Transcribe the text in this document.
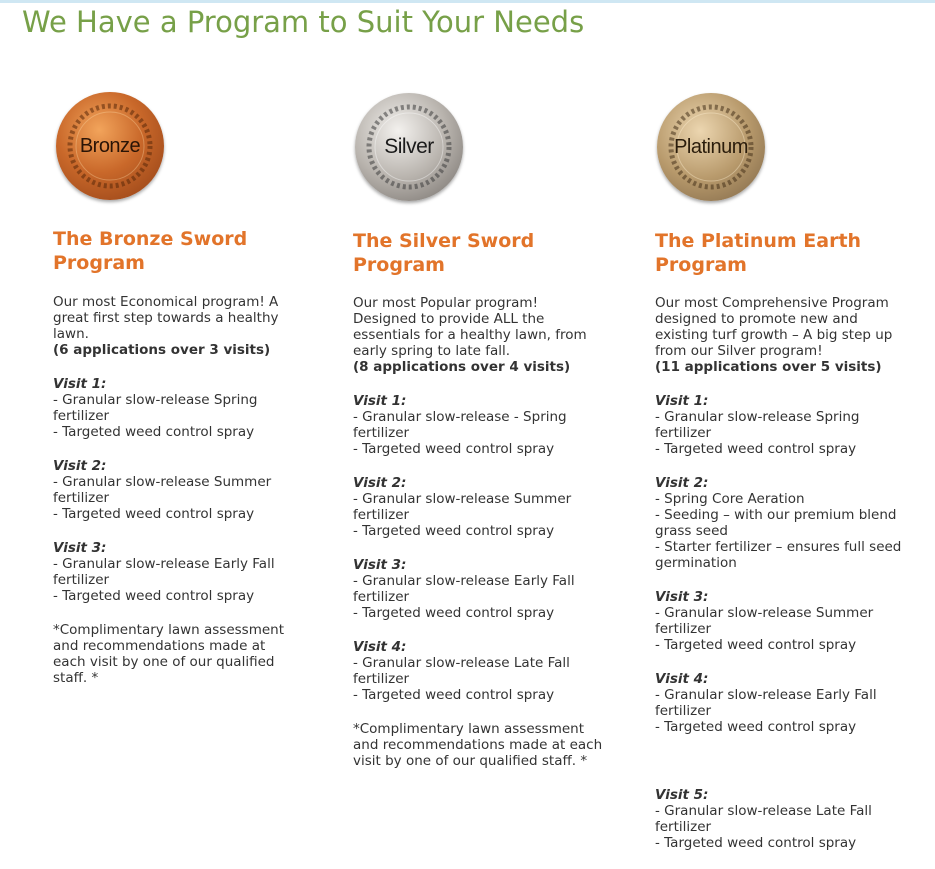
We Have a Program to Suit Your Needs
Bronze
The Bronze Sword
Program

Our most Economical program! A
great first step towards a healthy
lawn.
(6 applications over 3 visits)

Visit 1:
- Granular slow-release Spring
fertilizer
- Targeted weed control spray

Visit 2:
- Granular slow-release Summer
fertilizer
- Targeted weed control spray

Visit 3:
- Granular slow-release Early Fall
fertilizer
- Targeted weed control spray

*Complimentary lawn assessment
and recommendations made at
each visit by one of our qualified
staff. *

Silver
The Silver Sword
Program

Our most Popular program!
Designed to provide ALL the
essentials for a healthy lawn, from
early spring to late fall.
(8 applications over 4 visits)

Visit 1:
- Granular slow-release - Spring
fertilizer
- Targeted weed control spray

Visit 2:
- Granular slow-release Summer
fertilizer
- Targeted weed control spray

Visit 3:
- Granular slow-release Early Fall
fertilizer
- Targeted weed control spray

Visit 4:
- Granular slow-release Late Fall
fertilizer
- Targeted weed control spray

*Complimentary lawn assessment
and recommendations made at each
visit by one of our qualified staff. *

Platinum
The Platinum Earth
Program

Our most Comprehensive Program
designed to promote new and
existing turf growth – A big step up
from our Silver program!
(11 applications over 5 visits)

Visit 1:
- Granular slow-release Spring
fertilizer
- Targeted weed control spray

Visit 2:
- Spring Core Aeration
- Seeding – with our premium blend
grass seed
- Starter fertilizer – ensures full seed
germination

Visit 3:
- Granular slow-release Summer
fertilizer
- Targeted weed control spray

Visit 4:
- Granular slow-release Early Fall
fertilizer
- Targeted weed control spray

Visit 5:
- Granular slow-release Late Fall
fertilizer
- Targeted weed control spray
